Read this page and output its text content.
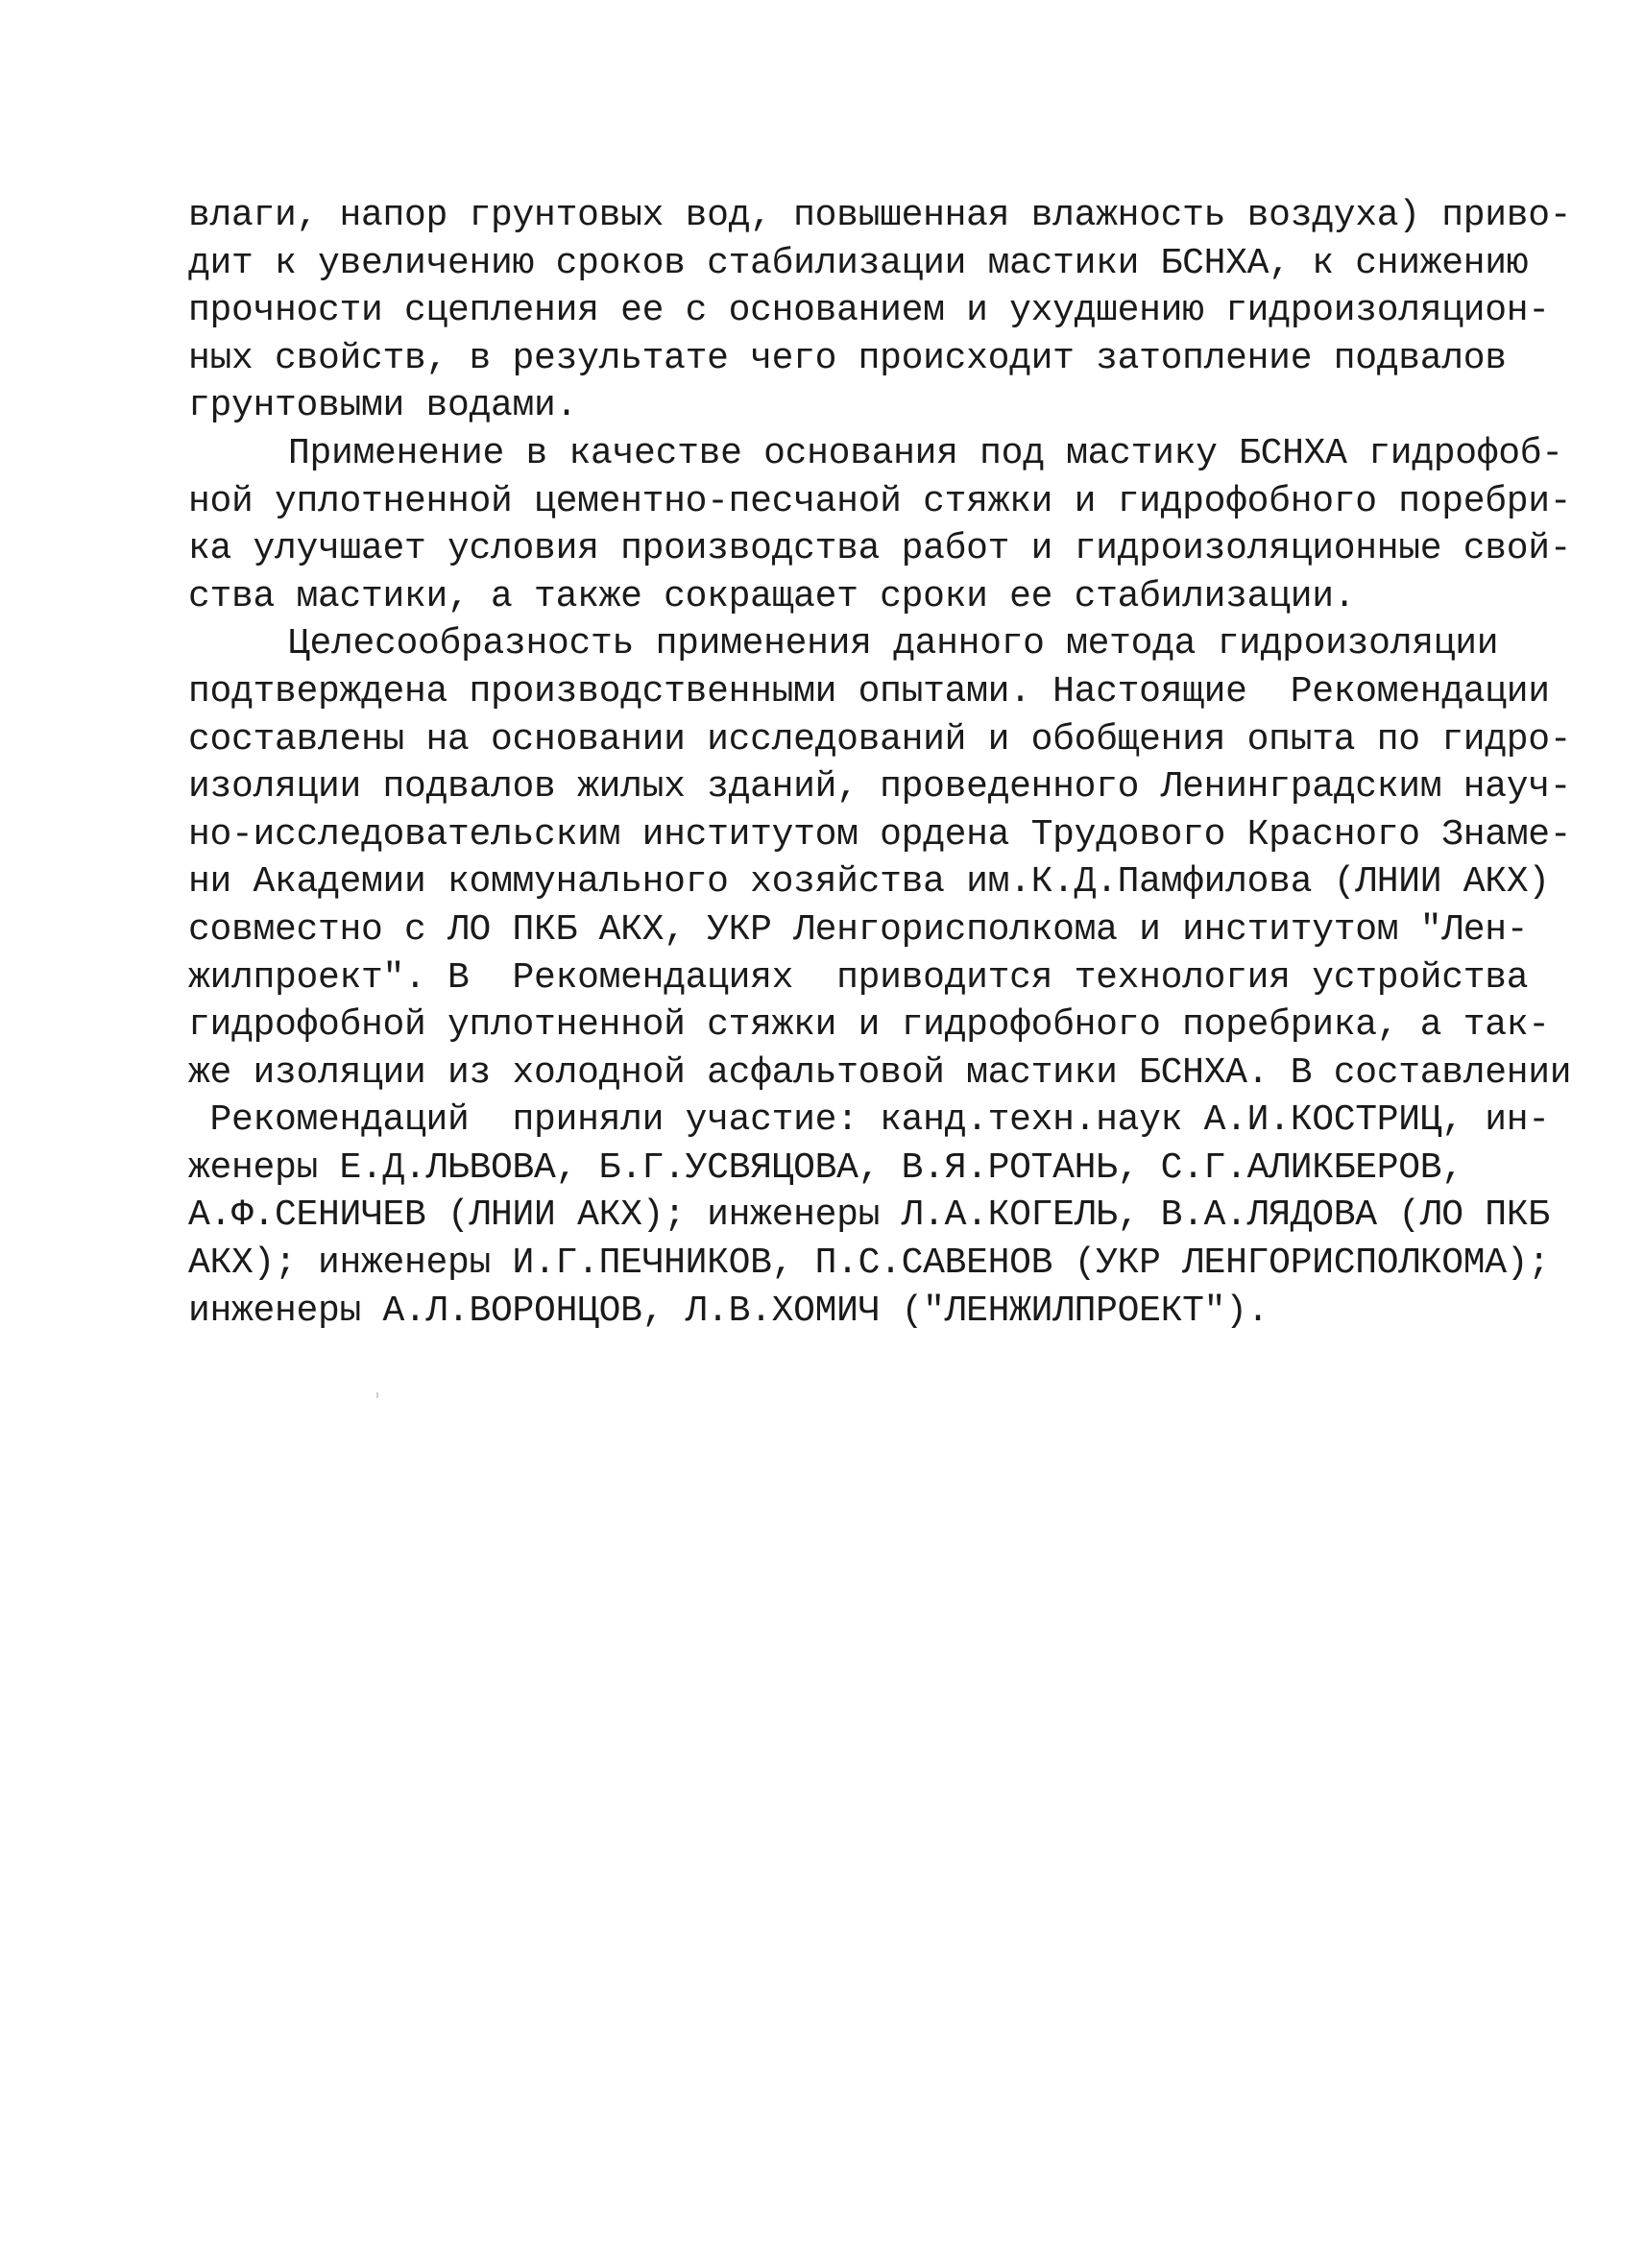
влаги, напор грунтовых вод, повышенная влажность воздуха) приво-
дит к увеличению сроков стабилизации мастики БСНХА, к снижению
прочности сцепления ее с основанием и ухудшению гидроизоляцион-
ных свойств, в результате чего происходит затопление подвалов
грунтовыми водами.
Применение в качестве основания под мастику БСНХА гидрофоб-
ной уплотненной цементно-песчаной стяжки и гидрофобного поребри-
ка улучшает условия производства работ и гидроизоляционные свой-
ства мастики, а также сокращает сроки ее стабилизации.
Целесообразность применения данного метода гидроизоляции
подтверждена производственными опытами. Настоящие  Рекомендации
составлены на основании исследований и обобщения опыта по гидро-
изоляции подвалов жилых зданий, проведенного Ленинградским науч-
но-исследовательским институтом ордена Трудового Красного Знаме-
ни Академии коммунального хозяйства им.К.Д.Памфилова (ЛНИИ АКХ)
совместно с ЛО ПКБ АКХ, УКР Ленгорисполкома и институтом "Лен-
жилпроект". В  Рекомендациях  приводится технология устройства
гидрофобной уплотненной стяжки и гидрофобного поребрика, а так-
же изоляции из холодной асфальтовой мастики БСНХА. В составлении
Рекомендаций  приняли участие: канд.техн.наук А.И.КОСТРИЦ, ин-
женеры Е.Д.ЛЬВОВА, Б.Г.УСВЯЦОВА, В.Я.РОТАНЬ, С.Г.АЛИКБЕРОВ,
А.Ф.СЕНИЧЕВ (ЛНИИ АКХ); инженеры Л.А.КОГЕЛЬ, В.А.ЛЯДОВА (ЛО ПКБ
АКХ); инженеры И.Г.ПЕЧНИКОВ, П.С.САВЕНОВ (УКР ЛЕНГОРИСПОЛКОМА);
инженеры А.Л.ВОРОНЦОВ, Л.В.ХОМИЧ ("ЛЕНЖИЛПРОЕКТ").
